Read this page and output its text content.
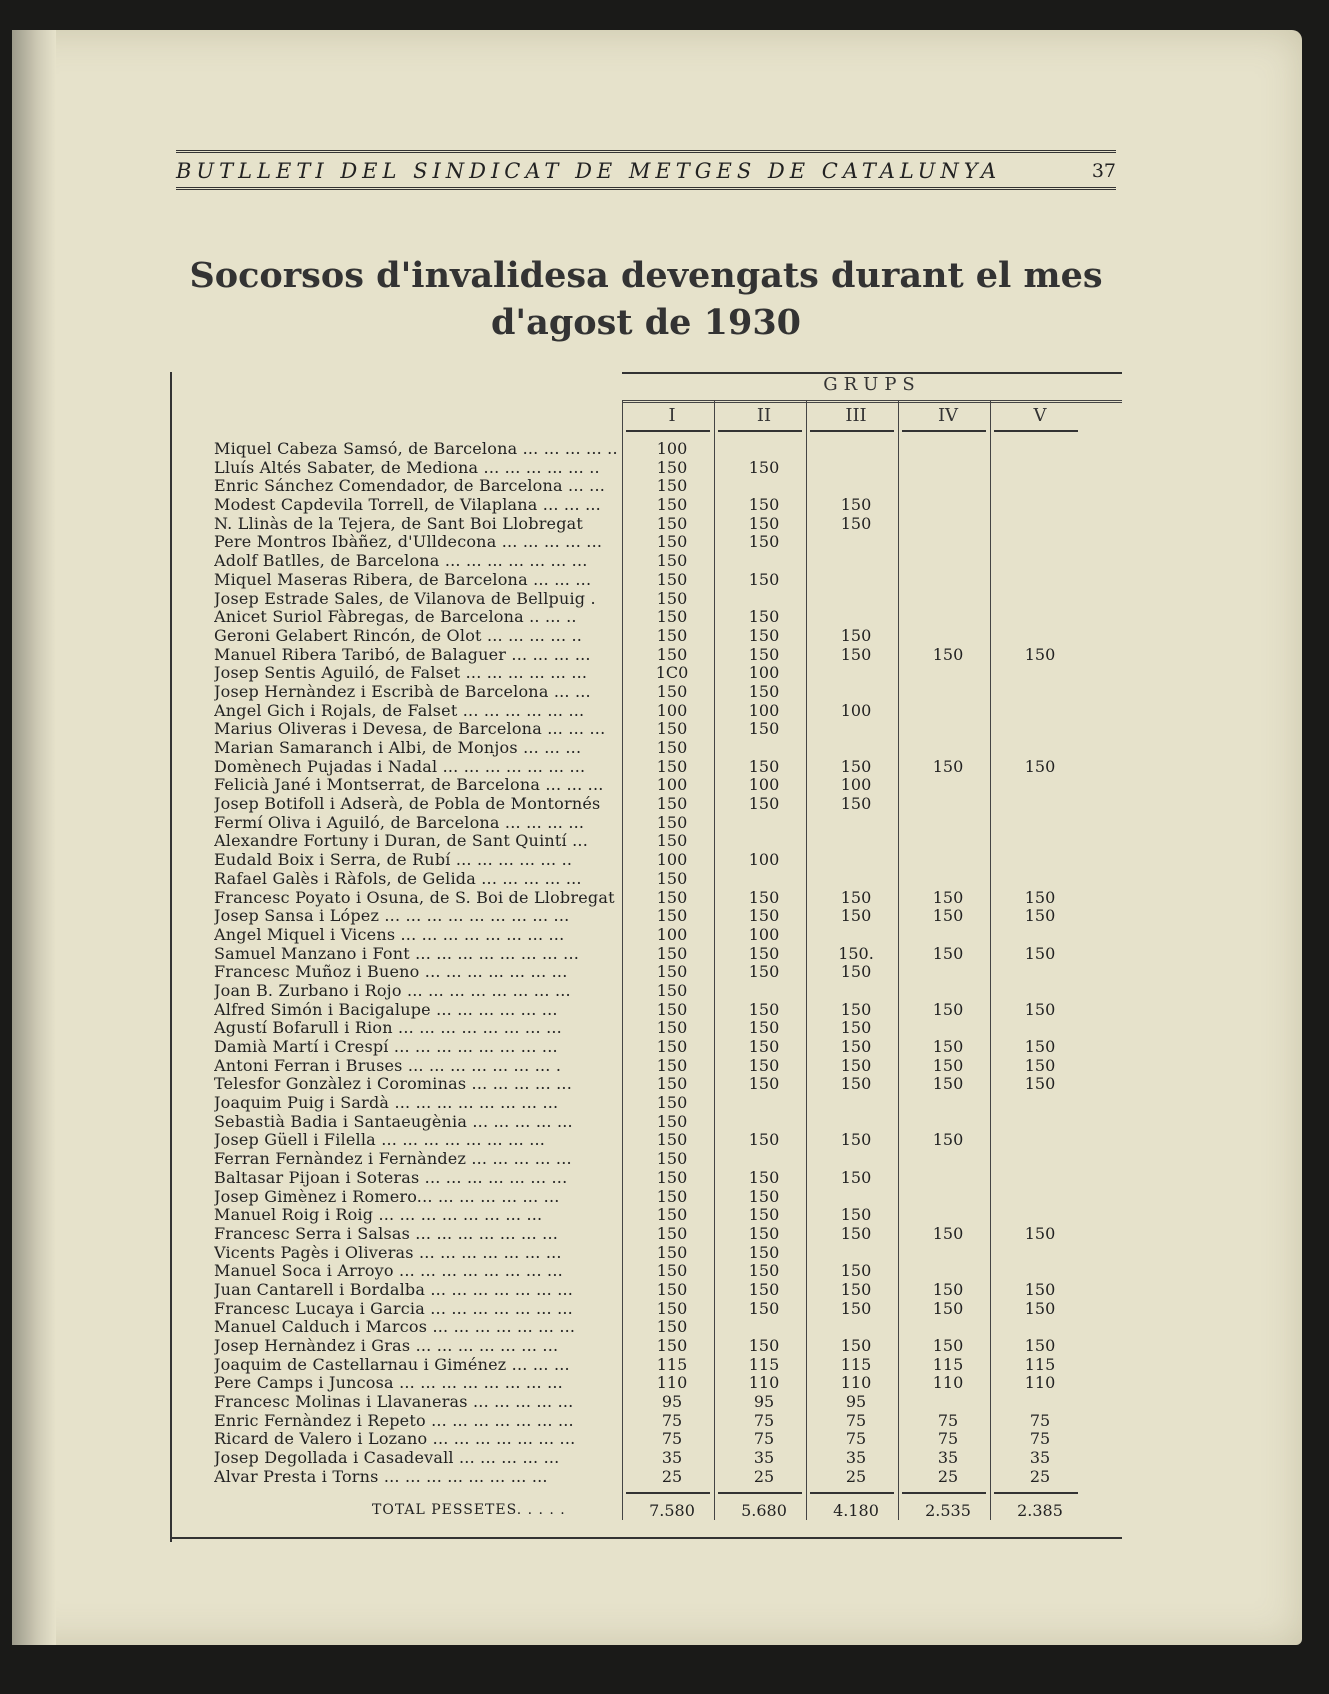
BUTLLETI DEL SINDICAT DE METGES DE CATALUNYA	37
Socorsos d'invalidesa devengats durant el mes
d'agost de 1930
GRUPS
I	II	III	IV	V
Miquel Cabeza Samsó, de Barcelona ... ... ... ... ..	100
Lluís Altés Sabater, de Mediona ... ... ... ... ... ..	150	150
Enric Sánchez Comendador, de Barcelona ... ...	150
Modest Capdevila Torrell, de Vilaplana ... ... ...	150	150	150
N. Llinàs de la Tejera, de Sant Boi Llobregat	150	150	150
Pere Montros Ibàñez, d'Ulldecona ... ... ... ... ...	150	150
Adolf Batlles, de Barcelona ... ... ... ... ... ... ...	150
Miquel Maseras Ribera, de Barcelona ... ... ...	150	150
Josep Estrade Sales, de Vilanova de Bellpuig .	150
Anicet Suriol Fàbregas, de Barcelona .. ... ..	150	150
Geroni Gelabert Rincón, de Olot ... ... ... ... ..	150	150	150
Manuel Ribera Taribó, de Balaguer ... ... ... ...	150	150	150	150	150
Josep Sentis Aguiló, de Falset ... ... ... ... ... ...	1C0	100
Josep Hernàndez i Escribà de Barcelona ... ...	150	150
Angel Gich i Rojals, de Falset ... ... ... ... ... ...	100	100	100
Marius Oliveras i Devesa, de Barcelona ... ... ...	150	150
Marian Samaranch i Albi, de Monjos ... ... ...	150
Domènech Pujadas i Nadal ... ... ... ... ... ... ...	150	150	150	150	150
Felicià Jané i Montserrat, de Barcelona ... ... ...	100	100	100
Josep Botifoll i Adserà, de Pobla de Montornés	150	150	150
Fermí Oliva i Aguiló, de Barcelona ... ... ... ...	150
Alexandre Fortuny i Duran, de Sant Quintí ...	150
Eudald Boix i Serra, de Rubí ... ... ... ... ... ..	100	100
Rafael Galès i Ràfols, de Gelida ... ... ... ... ...	150
Francesc Poyato i Osuna, de S. Boi de Llobregat	150	150	150	150	150
Josep Sansa i López ... ... ... ... ... ... ... ... ...	150	150	150	150	150
Angel Miquel i Vicens ... ... ... ... ... ... ... ...	100	100
Samuel Manzano i Font ... ... ... ... ... ... ... ...	150	150	150.	150	150
Francesc Muñoz i Bueno ... ... ... ... ... ... ...	150	150	150
Joan B. Zurbano i Rojo ... ... ... ... ... ... ... ...	150
Alfred Simón i Bacigalupe ... ... ... ... ... ...	150	150	150	150	150
Agustí Bofarull i Rion ... ... ... ... ... ... ... ...	150	150	150
Damià Martí i Crespí ... ... ... ... ... ... ... ...	150	150	150	150	150
Antoni Ferran i Bruses ... ... ... ... ... ... ... .	150	150	150	150	150
Telesfor Gonzàlez i Corominas ... ... ... ... ...	150	150	150	150	150
Joaquim Puig i Sardà ... ... ... ... ... ... ... ...	150
Sebastià Badia i Santaeugènia ... ... ... ... ...	150
Josep Güell i Filella ... ... ... ... ... ... ... ...	150	150	150	150
Ferran Fernàndez i Fernàndez ... ... ... ... ...	150
Baltasar Pijoan i Soteras ... ... ... ... ... ... ...	150	150	150
Josep Gimènez i Romero... ... ... ... ... ... ...	150	150
Manuel Roig i Roig ... ... ... ... ... ... ... ...	150	150	150
Francesc Serra i Salsas ... ... ... ... ... ... ...	150	150	150	150	150
Vicents Pagès i Oliveras ... ... ... ... ... ... ...	150	150
Manuel Soca i Arroyo ... ... ... ... ... ... ... ...	150	150	150
Juan Cantarell i Bordalba ... ... ... ... ... ... ...	150	150	150	150	150
Francesc Lucaya i Garcia ... ... ... ... ... ... ...	150	150	150	150	150
Manuel Calduch i Marcos ... ... ... ... ... ... ...	150
Josep Hernàndez i Gras ... ... ... ... ... ... ...	150	150	150	150	150
Joaquim de Castellarnau i Giménez ... ... ...	115	115	115	115	115
Pere Camps i Juncosa ... ... ... ... ... ... ... ...	110	110	110	110	110
Francesc Molinas i Llavaneras ... ... ... ... ...	95	95	95
Enric Fernàndez i Repeto ... ... ... ... ... ... ...	75	75	75	75	75
Ricard de Valero i Lozano ... ... ... ... ... ... ...	75	75	75	75	75
Josep Degollada i Casadevall ... ... ... ... ...	35	35	35	35	35
Alvar Presta i Torns ... ... ... ... ... ... ... ...	25	25	25	25	25
TOTAL PESSETES. . . . .	7.580	5.680	4.180	2.535	2.385
